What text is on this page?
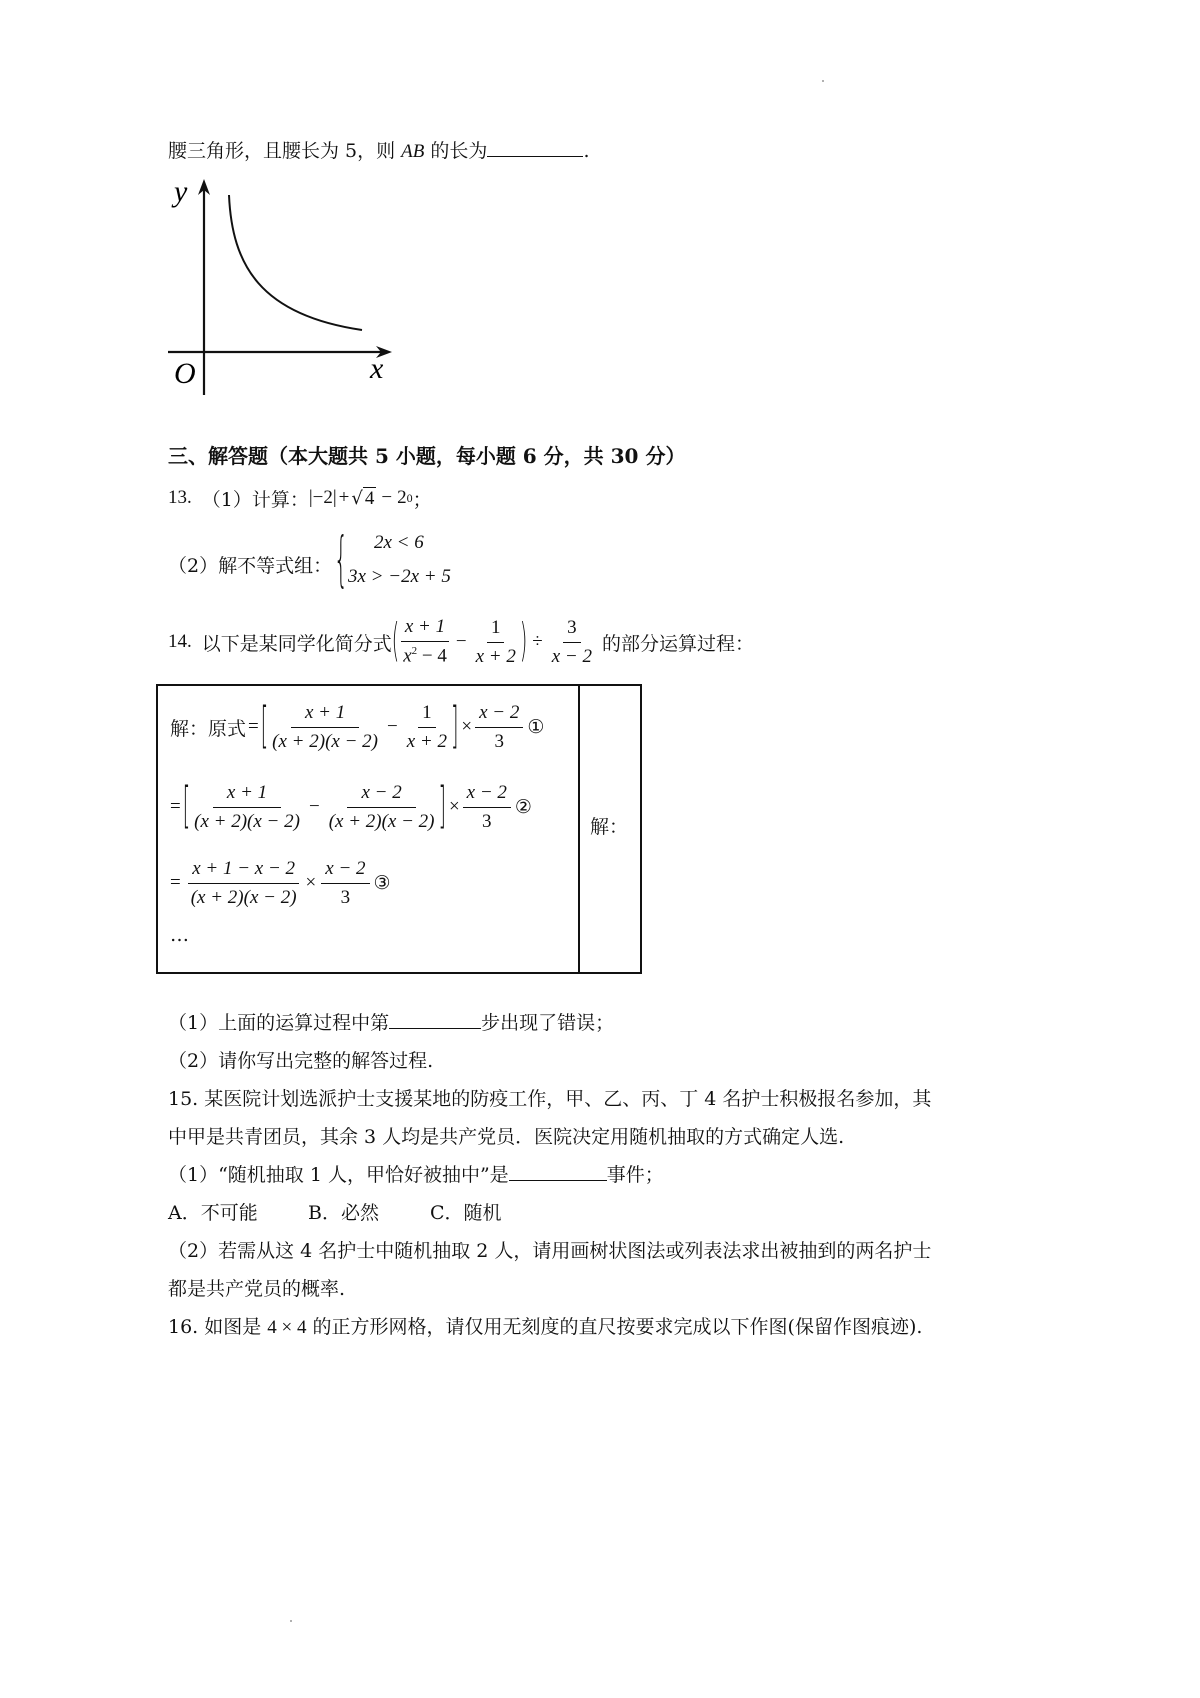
腰三角形，且腰长为 5，则 AB 的长为	.
y
x
O
三、解答题（本大题共 5 小题，每小题 6 分，共 30 分）
13. （1）计算： |−2| + √ 4 − 2 0 ；
（2）解不等式组： { 2x < 6
3x > −2x + 5
14. 以下是某同学化简分式 ( $\frac{x + 1}{x^2 - 4} - \frac{1}{x + 2}$ ) ÷ $\frac{3}{x - 2}$ 的部分运算过程：
解：
解：原式 = [ $\frac{x + 1}{(x + 2)(x - 2)} - \frac{1}{x + 2}$ ] × $\frac{x - 2}{3}$ ①
= [ $\frac{x + 1}{(x + 2)(x - 2)} - \frac{x - 2}{(x + 2)(x - 2)}$ ] × $\frac{x - 2}{3}$ ②
= $\frac{x + 1 - x - 2}{(x + 2)(x - 2)} \times \frac{x - 2}{3}$ ③
…
（1）上面的运算过程中第	步出现了错误；
（2）请你写出完整的解答过程.
15. 某医院计划选派护士支援某地的防疫工作，甲、乙、丙、丁 4 名护士积极报名参加，其
中甲是共青团员，其余 3 人均是共产党员．医院决定用随机抽取的方式确定人选.
（1）“随机抽取 1 人，甲恰好被抽中”是	事件；
A．不可能	B．必然	C．随机
（2）若需从这 4 名护士中随机抽取 2 人，请用画树状图法或列表法求出被抽到的两名护士
都是共产党员的概率.
16. 如图是 4 × 4 的正方形网格，请仅用无刻度的直尺按要求完成以下作图(保留作图痕迹).
